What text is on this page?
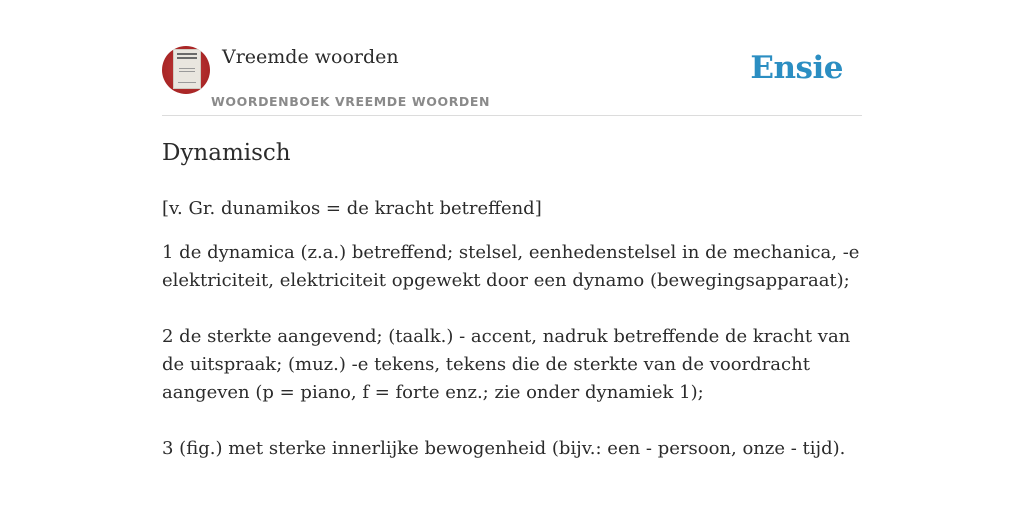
Vreemde woorden
WOORDENBOEK VREEMDE WOORDEN
Ensie
Dynamisch

[v. Gr. dunamikos = de kracht betreffend]

1 de dynamica (z.a.) betreffend; stelsel, eenhedenstelsel in de mechanica, -e elektriciteit, elektriciteit opgewekt door een dynamo (bewegingsapparaat);

2 de sterkte aangevend; (taalk.) - accent, nadruk betreffende de kracht van de uitspraak; (muz.) -e tekens, tekens die de sterkte van de voordracht aangeven (p = piano, f = forte enz.; zie onder dynamiek 1);

3 (fig.) met sterke innerlijke bewogenheid (bijv.: een - persoon, onze - tijd).
